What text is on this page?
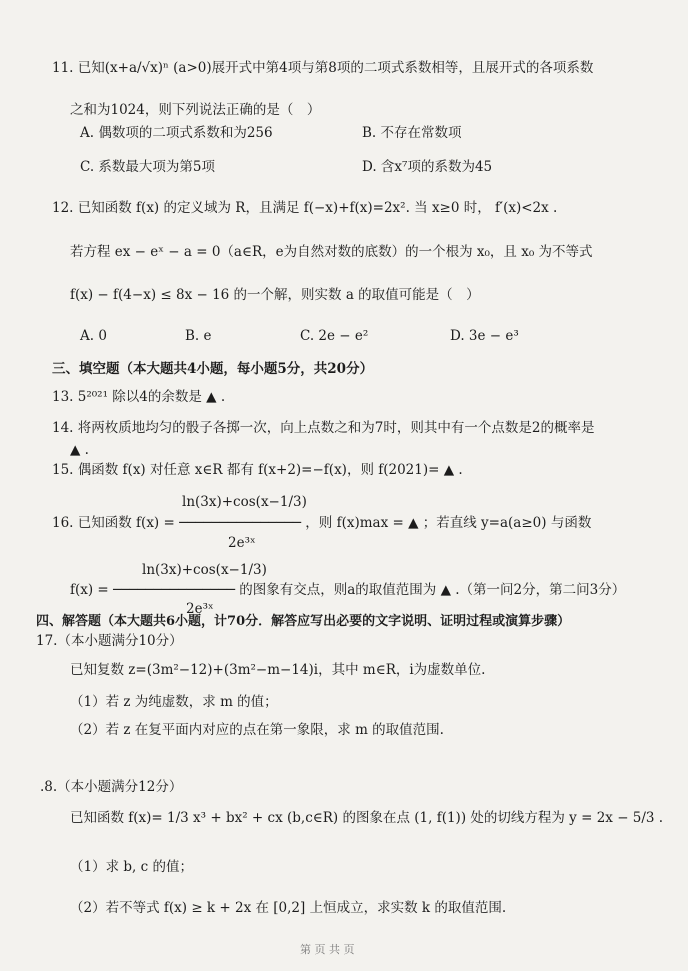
11. 已知(x+a/√x)ⁿ (a>0)展开式中第4项与第8项的二项式系数相等，且展开式的各项系数
之和为1024，则下列说法正确的是（　）
A. 偶数项的二项式系数和为256	B. 不存在常数项
C. 系数最大项为第5项	D. 含x⁷项的系数为45
12. 已知函数 f(x) 的定义域为 R，且满足 f(−x)+f(x)=2x². 当 x≥0 时， f′(x)<2x .
若方程 ex − eˣ − a = 0（a∈R，e为自然对数的底数）的一个根为 x₀，且 x₀ 为不等式
f(x) − f(4−x) ≤ 8x − 16 的一个解，则实数 a 的取值可能是（　）
A. 0	B. e	C. 2e − e²	D. 3e − e³
三、填空题（本大题共4小题，每小题5分，共20分）
13. 5²⁰²¹ 除以4的余数是 ▲ .
14. 将两枚质地均匀的骰子各掷一次，向上点数之和为7时，则其中有一个点数是2的概率是
▲ .
15. 偶函数 f(x) 对任意 x∈R 都有 f(x+2)=−f(x)，则 f(2021)= ▲ .
ln(3x)+cos(x−1/3)
16. 已知函数 f(x) = ─────────────── ，则 f(x)max = ▲ ；若直线 y=a(a≥0) 与函数
2e³ˣ
ln(3x)+cos(x−1/3)
f(x) = ─────────────── 的图象有交点，则a的取值范围为 ▲ .（第一问2分，第二问3分）
2e³ˣ
四、解答题（本大题共6小题，计70分．解答应写出必要的文字说明、证明过程或演算步骤）
17.（本小题满分10分）
已知复数 z=(3m²−12)+(3m²−m−14)i，其中 m∈R，i为虚数单位.
（1）若 z 为纯虚数，求 m 的值；
（2）若 z 在复平面内对应的点在第一象限，求 m 的取值范围.
.8.（本小题满分12分）
已知函数 f(x)= 1/3 x³ + bx² + cx (b,c∈R) 的图象在点 (1, f(1)) 处的切线方程为 y = 2x − 5/3 .
（1）求 b, c 的值；
（2）若不等式 f(x) ≥ k + 2x 在 [0,2] 上恒成立，求实数 k 的取值范围.
第 页 共 页
